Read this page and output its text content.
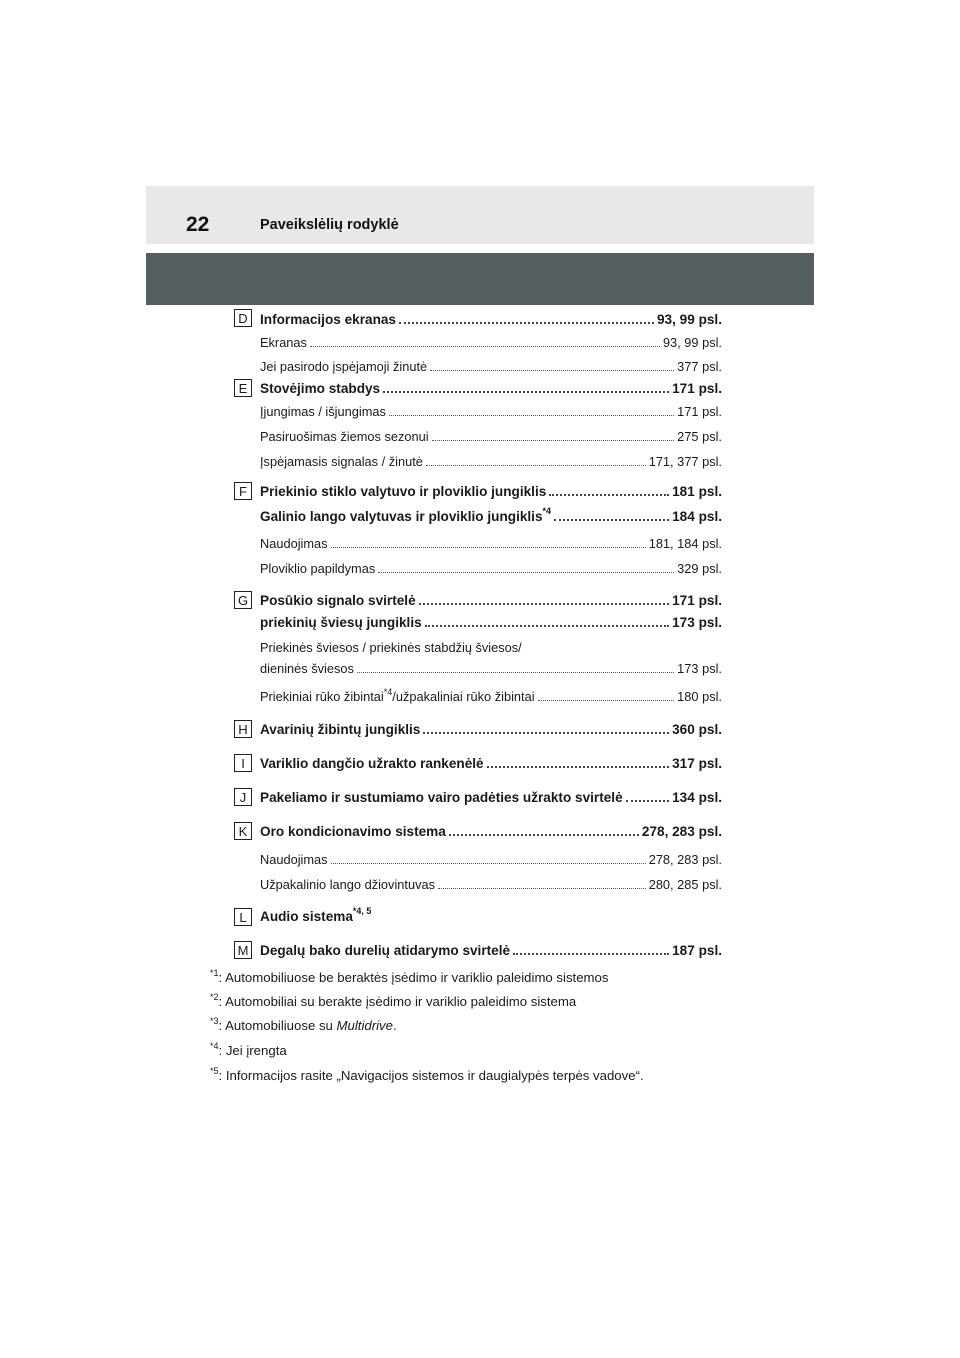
22	Paveikslėlių rodyklė
D Informacijos ekranas	93, 99 psl.
Ekranas	93, 99 psl.
Jei pasirodo įspėjamoji žinutė	377 psl.
E Stovėjimo stabdys	171 psl.
Įjungimas / išjungimas	171 psl.
Pasiruošimas žiemos sezonui	275 psl.
Įspėjamasis signalas / žinutė	171, 377 psl.
F Priekinio stiklo valytuvo ir ploviklio jungiklis	181 psl.
Galinio lango valytuvas ir ploviklio jungiklis$^{*4}$	184 psl.
Naudojimas	181, 184 psl.
Ploviklio papildymas	329 psl.
G Posūkio signalo svirtelė	171 psl.
priekinių šviesų jungiklis	173 psl.
Priekinės šviesos / priekinės stabdžių šviesos/
dieninės šviesos	173 psl.
Priekiniai rūko žibintai$^{*4}$/užpakaliniai rūko žibintai	180 psl.
H Avarinių žibintų jungiklis	360 psl.
I	Variklio dangčio užrakto rankenėlė	317 psl.
J	Pakeliamo ir sustumiamo vairo padėties užrakto svirtelė	134 psl.
K Oro kondicionavimo sistema	278, 283 psl.
Naudojimas	278, 283 psl.
Užpakalinio lango džiovintuvas	280, 285 psl.
L Audio sistema$^{*4, 5}$
M Degalų bako durelių atidarymo svirtelė	187 psl.
$^{*1}$: Automobiliuose be beraktės įsėdimo ir variklio paleidimo sistemos
$^{*2}$: Automobiliai su berakte įsėdimo ir variklio paleidimo sistema
$^{*3}$: Automobiliuose su Multidrive.
$^{*4}$: Jei įrengta
$^{*5}$: Informacijos rasite „Navigacijos sistemos ir daugialypės terpės vadove“.
